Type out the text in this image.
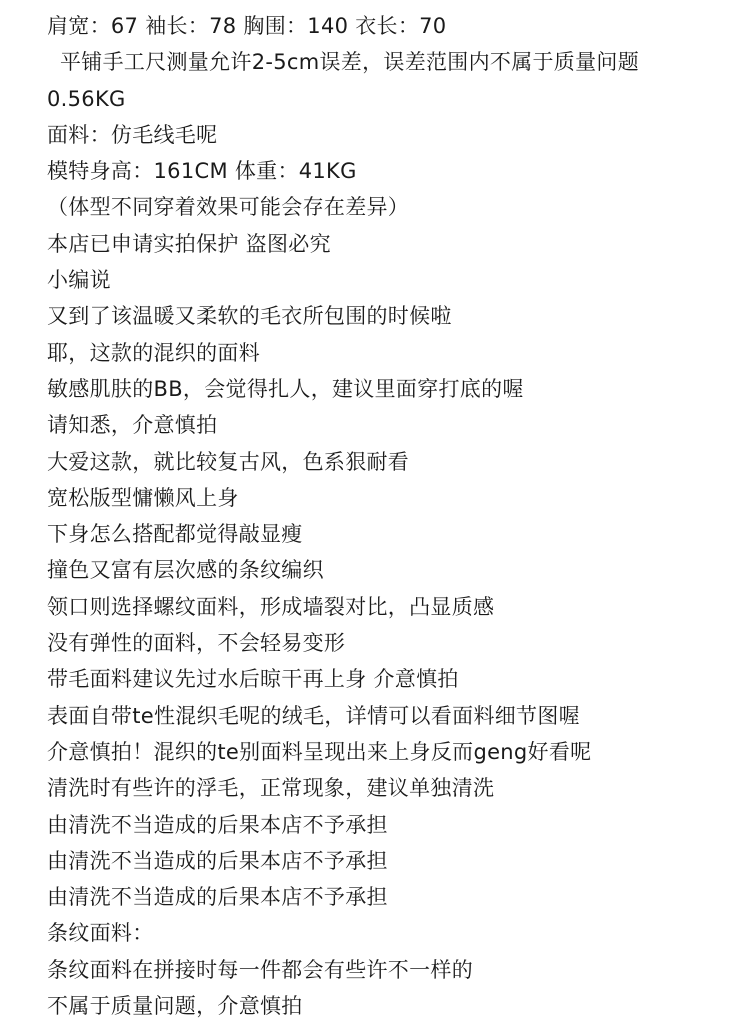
肩宽：67 袖长：78 胸围：140 衣长：70
平铺手工尺测量允许2-5cm误差，误差范围内不属于质量问题
0.56KG
面料：仿毛线毛呢
模特身高：161CM 体重：41KG
（体型不同穿着效果可能会存在差异）
本店已申请实拍保护 盗图必究
小编说
又到了该温暖又柔软的毛衣所包围的时候啦
耶，这款的混织的面料
敏感肌肤的BB，会觉得扎人，建议里面穿打底的喔
请知悉，介意慎拍
大爱这款，就比较复古风，色系狠耐看
宽松版型慵懒风上身
下身怎么搭配都觉得敲显瘦
撞色又富有层次感的条纹编织
领口则选择螺纹面料，形成墙裂对比，凸显质感
没有弹性的面料，不会轻易变形
带毛面料建议先过水后晾干再上身 介意慎拍
表面自带te性混织毛呢的绒毛，详情可以看面料细节图喔
介意慎拍！混织的te别面料呈现出来上身反而geng好看呢
清洗时有些许的浮毛，正常现象，建议单独清洗
由清洗不当造成的后果本店不予承担
由清洗不当造成的后果本店不予承担
由清洗不当造成的后果本店不予承担
条纹面料：
条纹面料在拼接时每一件都会有些许不一样的
不属于质量问题，介意慎拍
